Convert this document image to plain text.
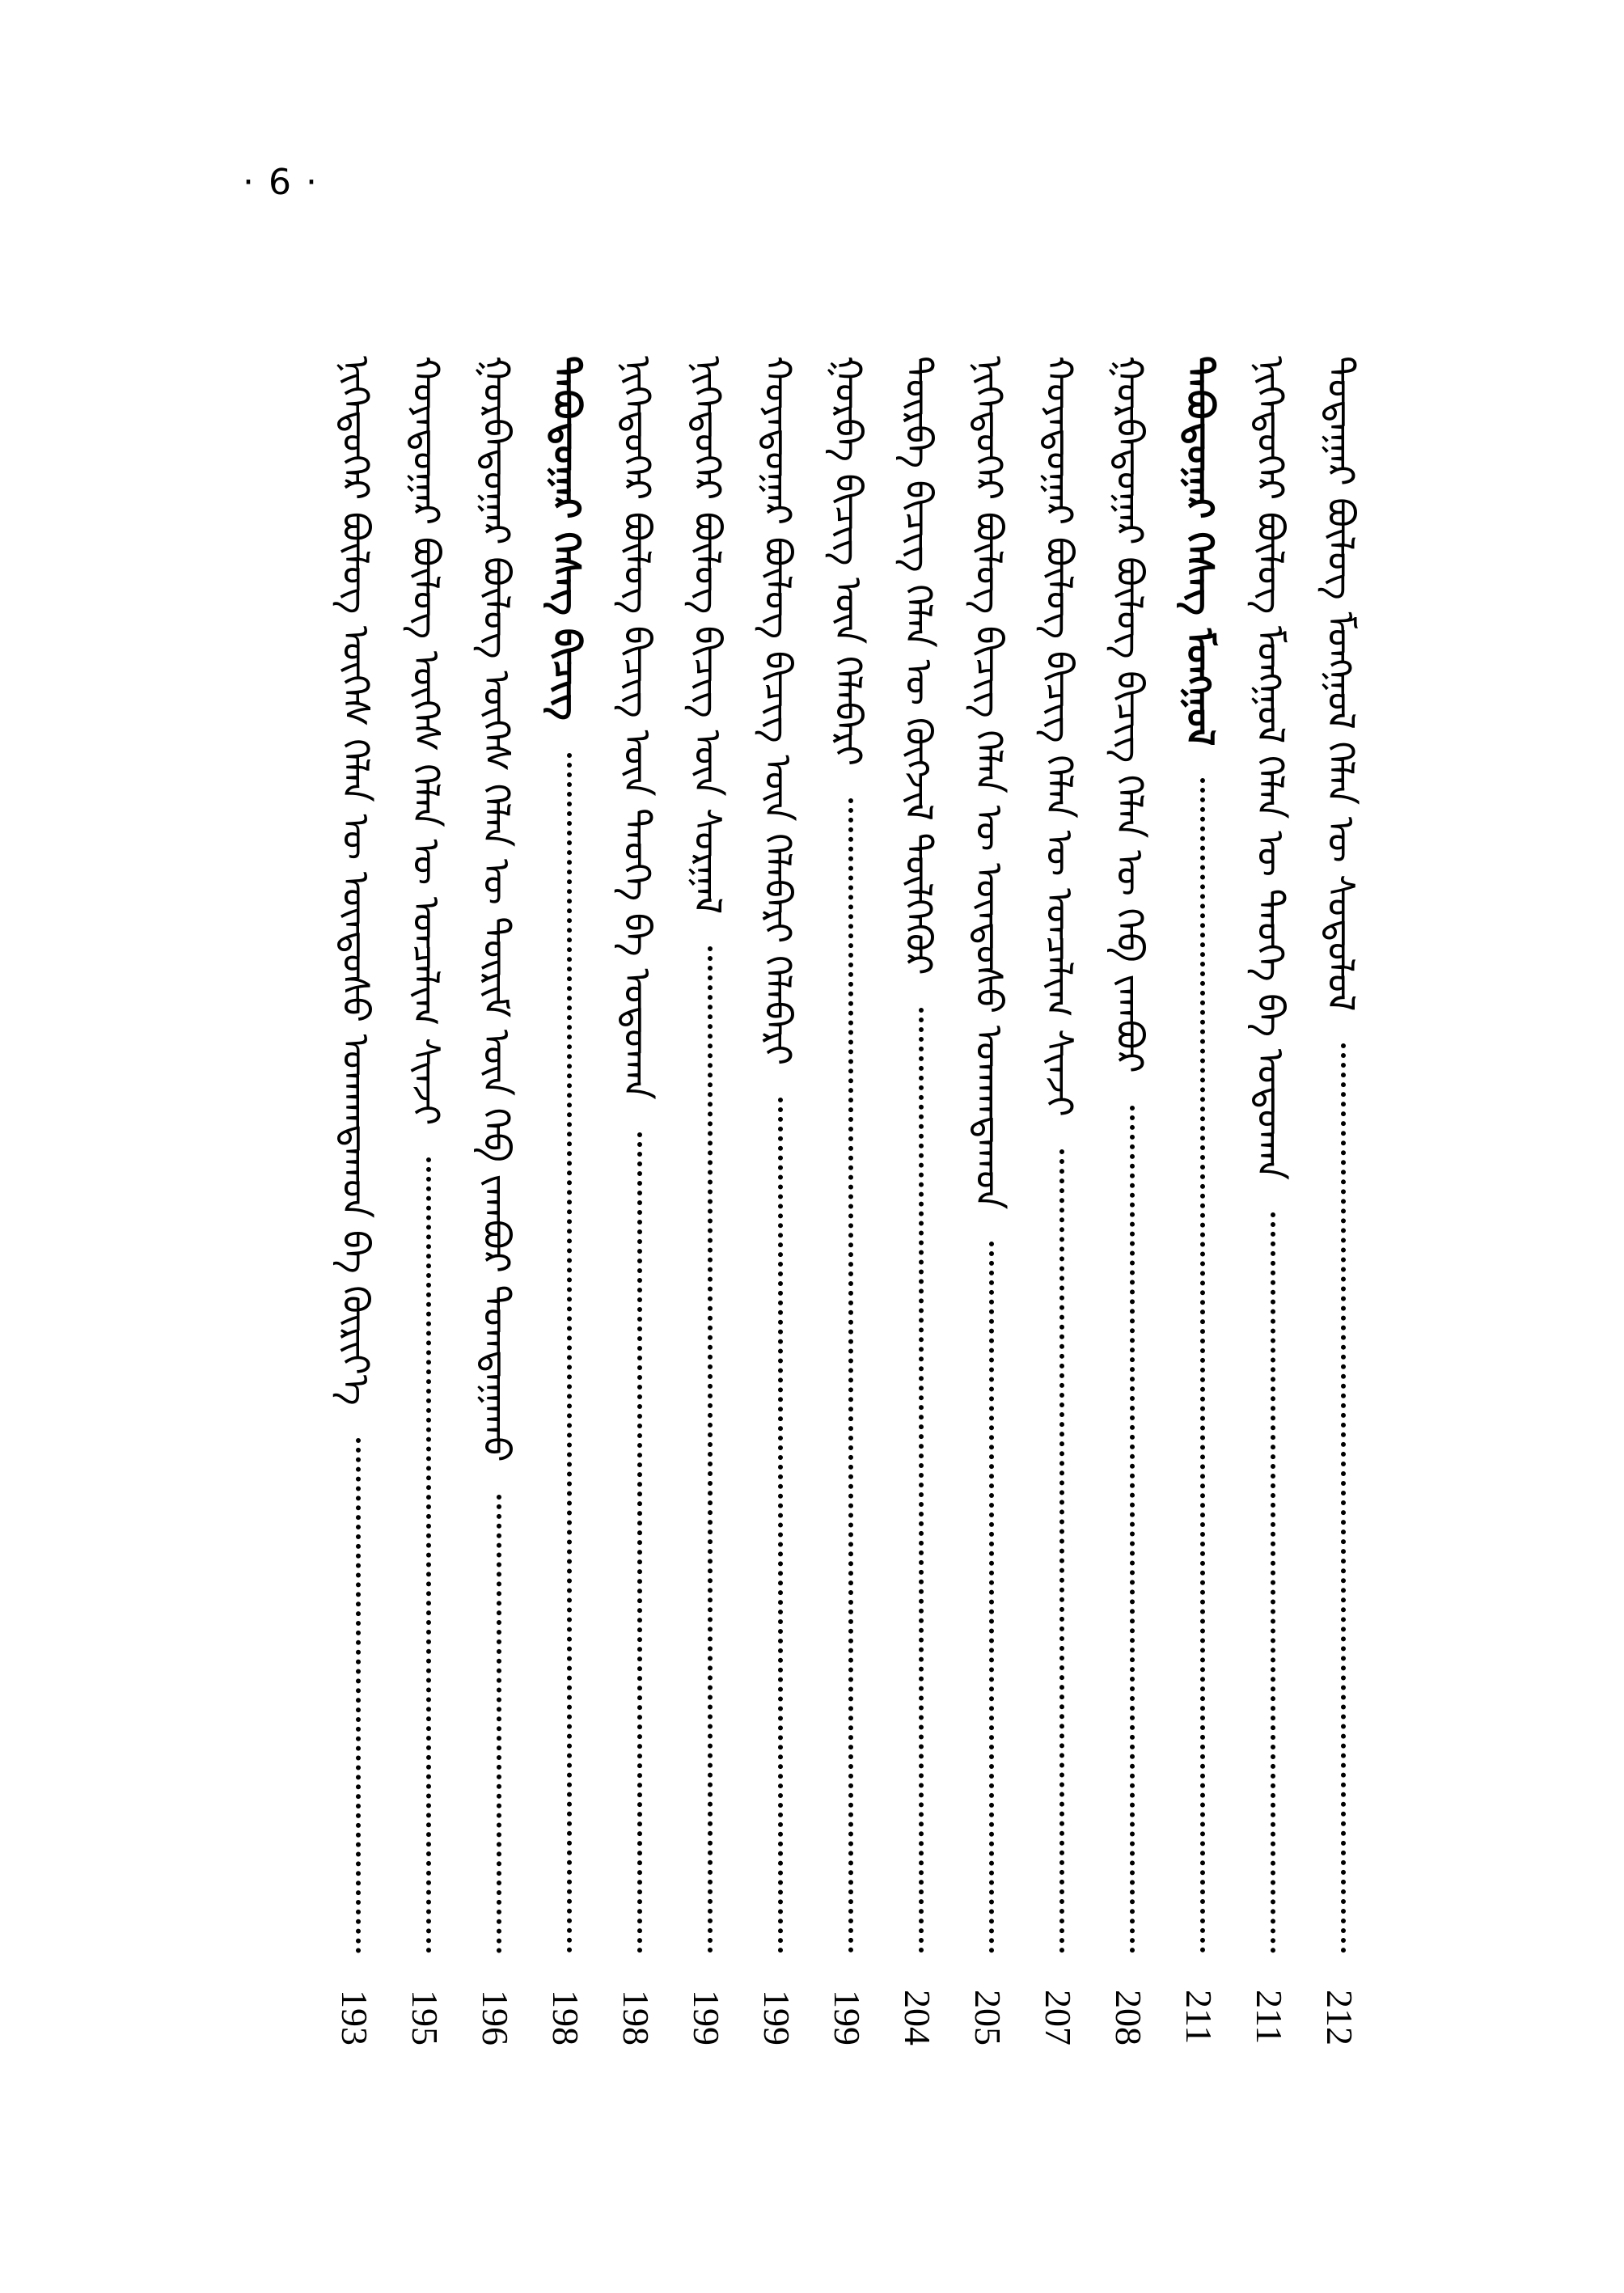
· 6 ·
ᠳᠤᠲᠠᠭᠠᠷ ᠪᠦᠯᠦᠭ ᠮᠣᠩᠭᠣᠯ ᠬᠡᠯᠡᠨ ᠦ ᠰᠤᠳᠤᠯᠤᠯ
212
ᠨᠢᠭᠡᠳᠦᠭᠡᠷ ᠪᠦᠯᠦᠭ ᠮᠣᠩᠭᠣᠯ ᠬᠡᠯᠡᠨ ᠦ ᠲᠡᠦᠬᠡ ᠪᠠ ᠣᠳᠣᠬᠠᠨ
211
ᠲᠠᠪᠤᠳᠤᠭᠠᠷ ᠬᠡᠰᠡᠭ ᠮᠣᠩᠭᠣᠯ
211
ᠭᠤᠷᠪᠠᠳᠤᠭᠠᠷ ᠪᠦᠯᠦᠭ ᠪᠢᠴᠢᠭ ᠬᠡᠯᠡᠨ ᠦ ᠬᠡᠪ ᠵᠠᠭᠪᠤᠷ
208
ᠬᠣᠶᠠᠳᠤᠭᠠᠷ ᠪᠦᠯᠦᠭ ᠪᠢᠴᠢᠭ ᠬᠡᠯᠡᠨ ᠦ ᠣᠨᠴᠠᠯᠢᠭ ᠰᠢᠨᠵᠢ
207
ᠨᠢᠭᠡᠳᠦᠭᠡᠷ ᠪᠦᠯᠦᠭ ᠪᠢᠴᠢᠭ ᠬᠡᠯᠡᠨ ᠦ ᠦᠨᠳᠦᠰᠦ ᠤᠬᠠᠭᠳᠠᠬᠤᠨ
205
ᠳᠦᠷᠪᠡ ᠪᠢᠴᠢᠭ ᠬᠡᠯᠡᠨ ᠦ ᠬᠥᠭᠵᠢᠯ ᠲᠦᠯᠬᠡᠭᠦᠷ
204
ᠭᠤᠷᠪᠠ ᠪᠢᠴᠢᠭ ᠦᠨ ᠬᠡᠯᠡᠪᠡᠷᠢ
199
ᠬᠣᠶᠠᠳᠤᠭᠠᠷ ᠪᠦᠯᠦᠭ ᠪᠢᠴᠢᠭ ᠦᠨ ᠬᠡᠯᠡᠪᠡᠷᠢ ᠬᠡᠯᠡᠪᠡᠷᠢ
199
ᠨᠢᠭᠡᠳᠦᠭᠡᠷ ᠪᠦᠯᠦᠭ ᠪᠢᠴᠢᠭ ᠦᠨ ᠰᠤᠷᠭᠠᠯ
199
ᠨᠢᠭᠡᠳᠦᠭᠡᠷ ᠪᠦᠯᠦᠭ ᠪᠢᠴᠢᠭ ᠦᠨ ᠲᠡᠦᠬᠡ ᠪᠠ ᠣᠳᠣᠬᠠᠨ
198
ᠲᠠᠪᠤᠳᠤᠭᠠᠷ ᠬᠡᠰᠡᠭ ᠪᠢᠴᠢᠭ
198
ᠭᠤᠷᠪᠠᠳᠤᠭᠠᠷ ᠪᠦᠯᠦᠭ ᠦᠭᠡᠰ ᠬᠡᠯᠡᠨ ᠦ ᠳᠦᠷᠢᠮ ᠦᠨ ᠬᠡᠪ ᠵᠠᠭᠪᠤᠷ ᠲᠣᠭᠲᠠᠭᠠᠬᠤ
196
ᠬᠣᠶᠠᠳᠤᠭᠠᠷ ᠪᠦᠯᠦᠭ ᠦᠭᠡᠰ ᠬᠡᠯᠡᠨ ᠦ ᠣᠨᠴᠠᠯᠢᠭ ᠰᠢᠨᠵᠢ
195
ᠨᠢᠭᠡᠳᠦᠭᠡᠷ ᠪᠦᠯᠦᠭ ᠦᠭᠡᠰ ᠬᠡᠯᠡᠨ ᠦ ᠦᠨᠳᠦᠰᠦ ᠤᠬᠠᠭᠳᠠᠬᠤᠨ ᠪᠠ ᠬᠦᠷᠢᠶ᠎ᠡ
193
